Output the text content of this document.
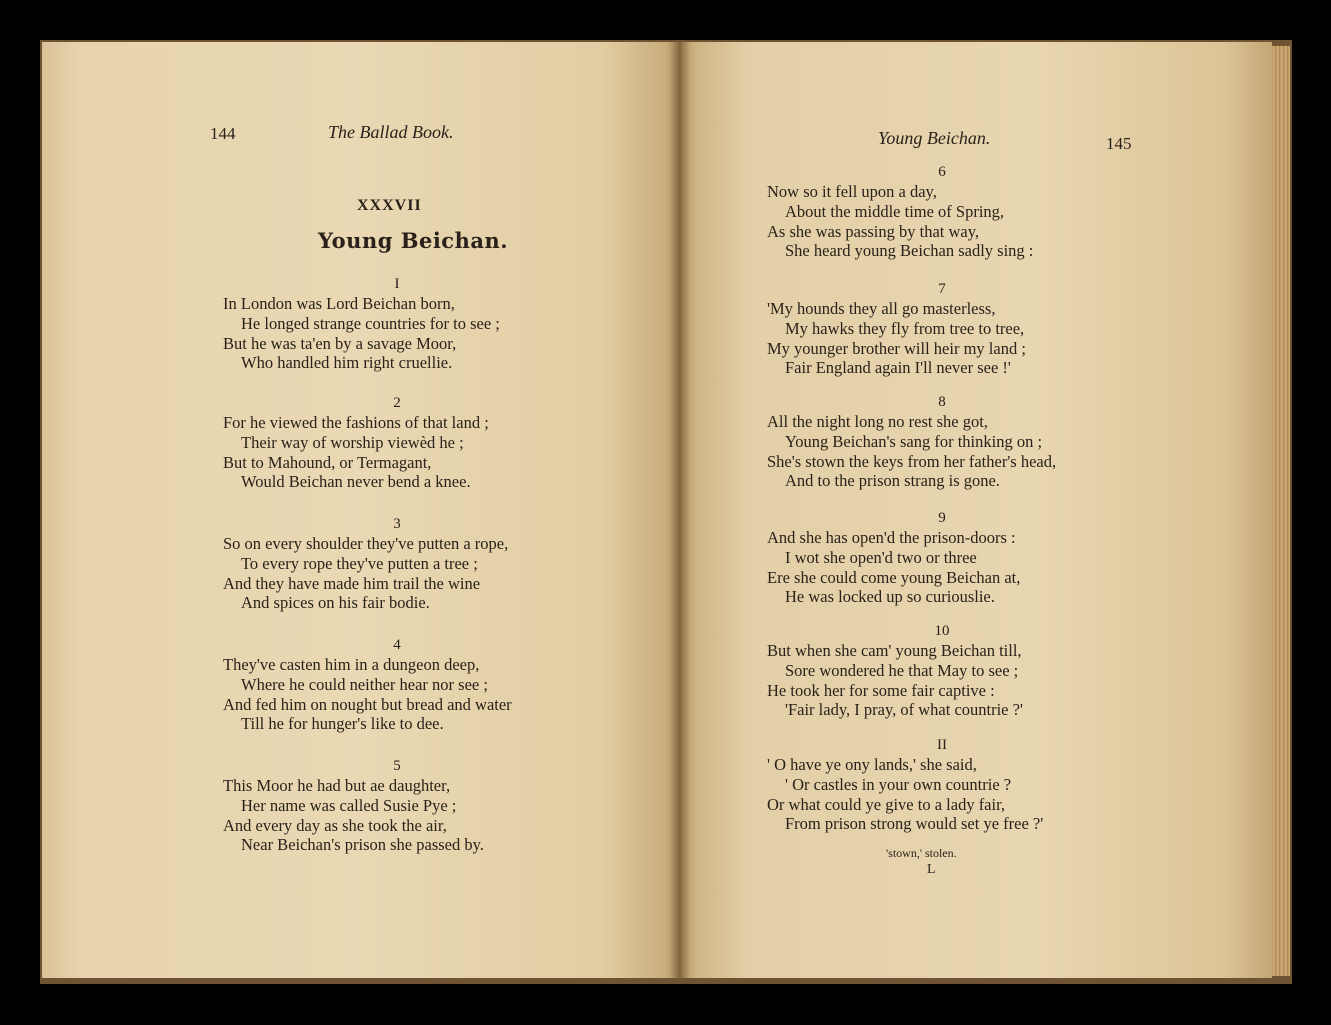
144	The Ballad Book.
XXXVII
Young Beichan.
I
In London was Lord Beichan born,
He longed strange countries for to see ;
But he was ta'en by a savage Moor,
Who handled him right cruellie.
2
For he viewed the fashions of that land ;
Their way of worship viewèd he ;
But to Mahound, or Termagant,
Would Beichan never bend a knee.
3
So on every shoulder they've putten a rope,
To every rope they've putten a tree ;
And they have made him trail the wine
And spices on his fair bodie.
4
They've casten him in a dungeon deep,
Where he could neither hear nor see ;
And fed him on nought but bread and water
Till he for hunger's like to dee.
5
This Moor he had but ae daughter,
Her name was called Susie Pye ;
And every day as she took the air,
Near Beichan's prison she passed by.
Young Beichan.	145
6
Now so it fell upon a day,
About the middle time of Spring,
As she was passing by that way,
She heard young Beichan sadly sing :
7
'My hounds they all go masterless,
My hawks they fly from tree to tree,
My younger brother will heir my land ;
Fair England again I'll never see !'
8
All the night long no rest she got,
Young Beichan's sang for thinking on ;
She's stown the keys from her father's head,
And to the prison strang is gone.
9
And she has open'd the prison-doors :
I wot she open'd two or three
Ere she could come young Beichan at,
He was locked up so curiouslie.
10
But when she cam' young Beichan till,
Sore wondered he that May to see ;
He took her for some fair captive :
'Fair lady, I pray, of what countrie ?'
II
' O have ye ony lands,' she said,
' Or castles in your own countrie ?
Or what could ye give to a lady fair,
From prison strong would set ye free ?'
'stown,' stolen.
L
